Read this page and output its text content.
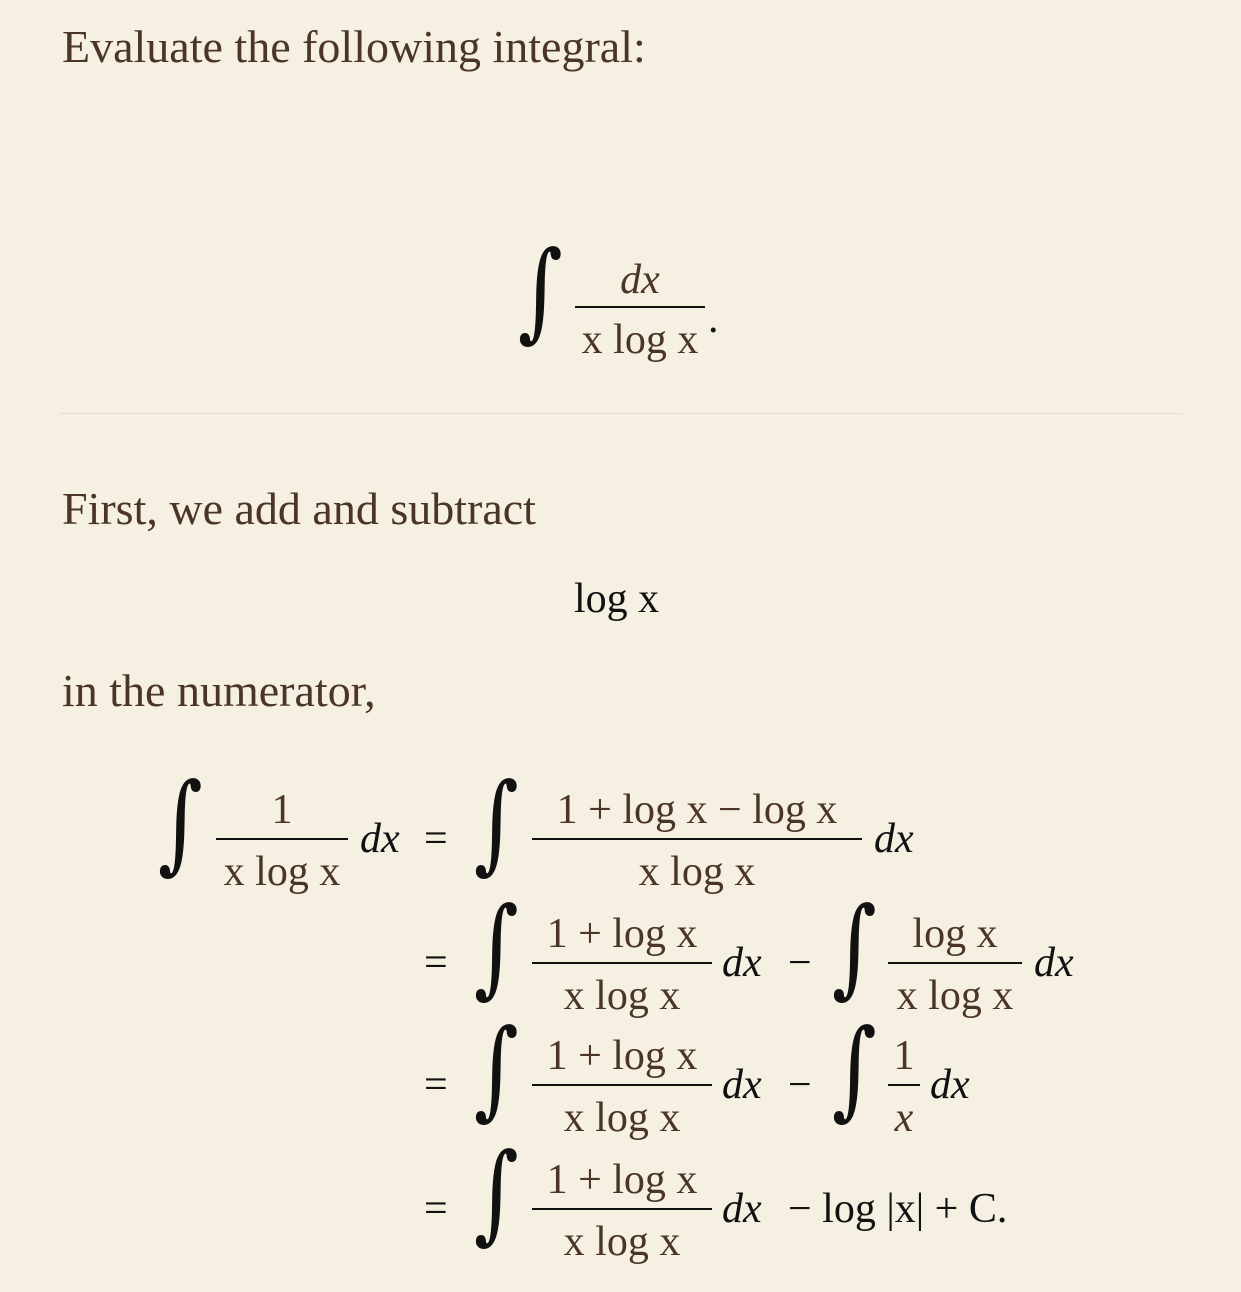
Evaluate the following integral:
∫	dx
x log x .
First, we add and subtract
log x
in the numerator,
∫	1
x log x
dx = ∫ 1 + log x − log x
x log x
dx
= ∫ 1 + log x
x log x
dx − ∫ log x
x log x
dx
= ∫ 1 + log x
x log x
dx − ∫ 1
x
dx
= ∫ 1 + log x
x log x
dx − log |x| + C.
